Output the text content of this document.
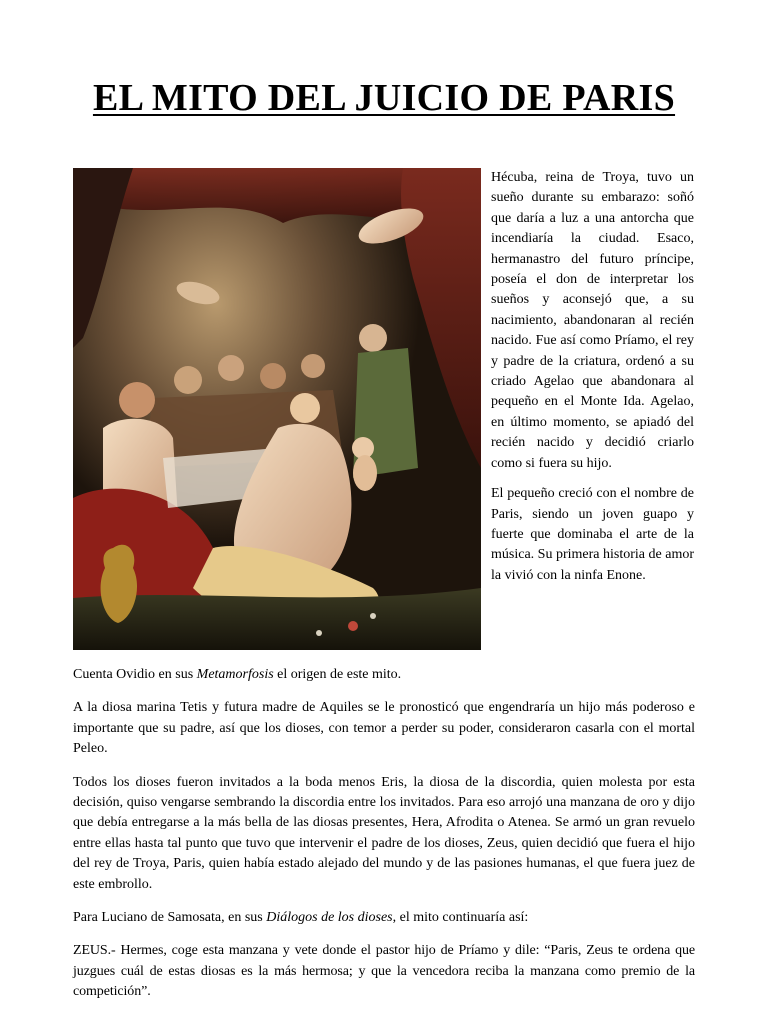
EL MITO DEL JUICIO DE PARIS

Hécuba, reina de Troya, tuvo un sueño durante su embarazo: soñó que daría a luz a una antorcha que incendiaría la ciudad. Esaco, hermanastro del futuro príncipe, poseía el don de interpretar los sueños y aconsejó que, a su nacimiento, abandonaran al recién nacido. Fue así como Príamo, el rey y padre de la criatura, ordenó a su criado Agelao que abandonara al pequeño en el Monte Ida. Agelao, en último momento, se apiadó del recién nacido y decidió criarlo como si fuera su hijo.

El pequeño creció con el nombre de Paris, siendo un joven guapo y fuerte que dominaba el arte de la música. Su primera historia de amor la vivió con la ninfa Enone.

Cuenta Ovidio en sus Metamorfosis el origen de este mito.

A la diosa marina Tetis y futura madre de Aquiles se le pronosticó que engendraría un hijo más poderoso e importante que su padre, así que los dioses, con temor a perder su poder, consideraron casarla con el mortal Peleo.

Todos los dioses fueron invitados a la boda menos Eris, la diosa de la discordia, quien molesta por esta decisión, quiso vengarse sembrando la discordia entre los invitados. Para eso arrojó una manzana de oro y dijo que debía entregarse a la más bella de las diosas presentes, Hera, Afrodita o Atenea. Se armó un gran revuelo entre ellas hasta tal punto que tuvo que intervenir el padre de los dioses, Zeus, quien decidió que fuera el hijo del rey de Troya, Paris, quien había estado alejado del mundo y de las pasiones humanas, el que fuera juez de este embrollo.

Para Luciano de Samosata, en sus Diálogos de los dioses, el mito continuaría así:

ZEUS.- Hermes, coge esta manzana y vete donde el pastor hijo de Príamo y dile: “Paris, Zeus te ordena que juzgues cuál de estas diosas es la más hermosa; y que la vencedora reciba la manzana como premio de la competición”.
